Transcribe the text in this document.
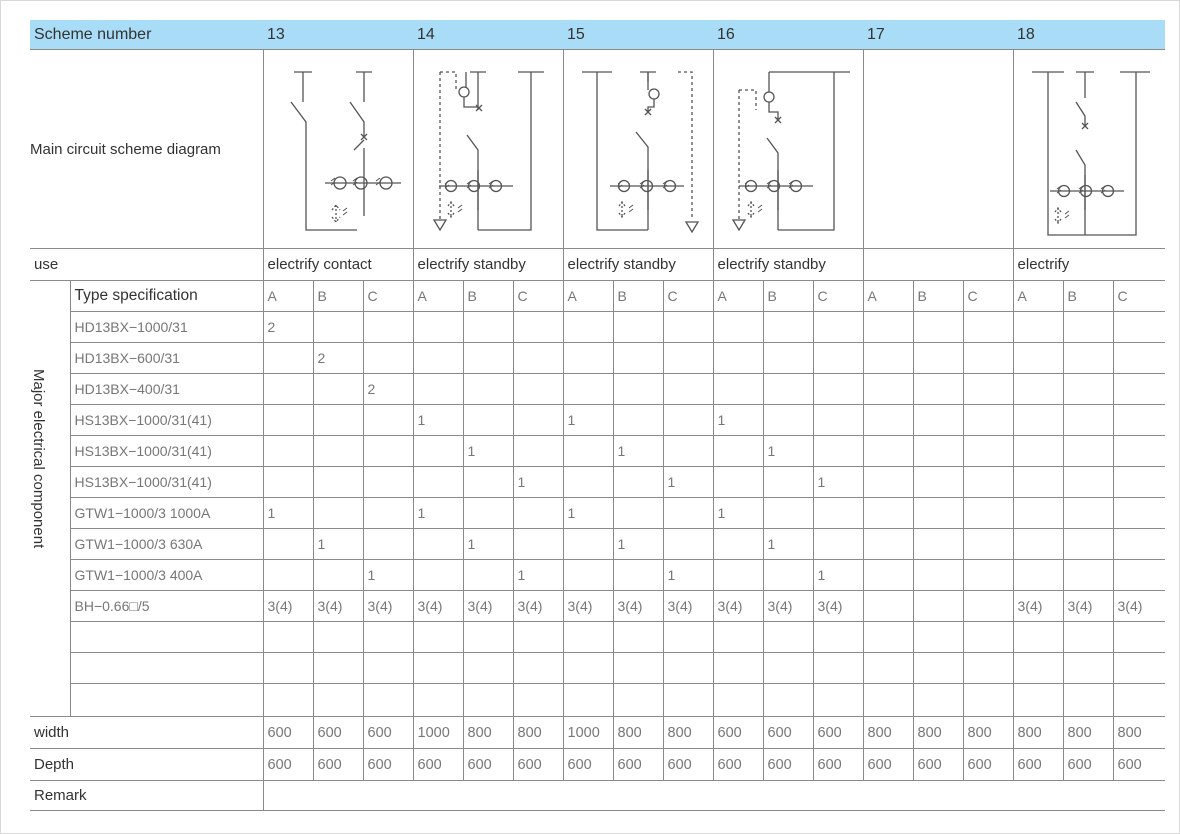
Scheme number		13			14			15			16			17			18		
Main circuit scheme diagram	

use		electrify contact			electrify standby			electrify standby			electrify standby						electrify		

Major electrical component	Type specification	A	B	C	A	B	C	A	B	C	A	B	C	A	B	C	A	B	C
	HD13BX−1000/31	2																	
	HD13BX−600/31		2																
	HD13BX−400/31			2															
	HS13BX−1000/31(41)				1			1			1								
	HS13BX−1000/31(41)					1			1			1							
	HS13BX−1000/31(41)						1			1			1						
	GTW1−1000/3 1000A	1			1			1			1								
	GTW1−1000/3 630A		1			1			1			1							
	GTW1−1000/3 400A			1			1			1			1						
	BH−0.66□/5	3(4)	3(4)	3(4)	3(4)	3(4)	3(4)	3(4)	3(4)	3(4)	3(4)	3(4)	3(4)				3(4)	3(4)	3(4)

width		600	600	600	1000	800	800	1000	800	800	600	600	600	800	800	800	800	800	800
Depth		600	600	600	600	600	600	600	600	600	600	600	600	600	600	600	600	600	600
Remark																			
